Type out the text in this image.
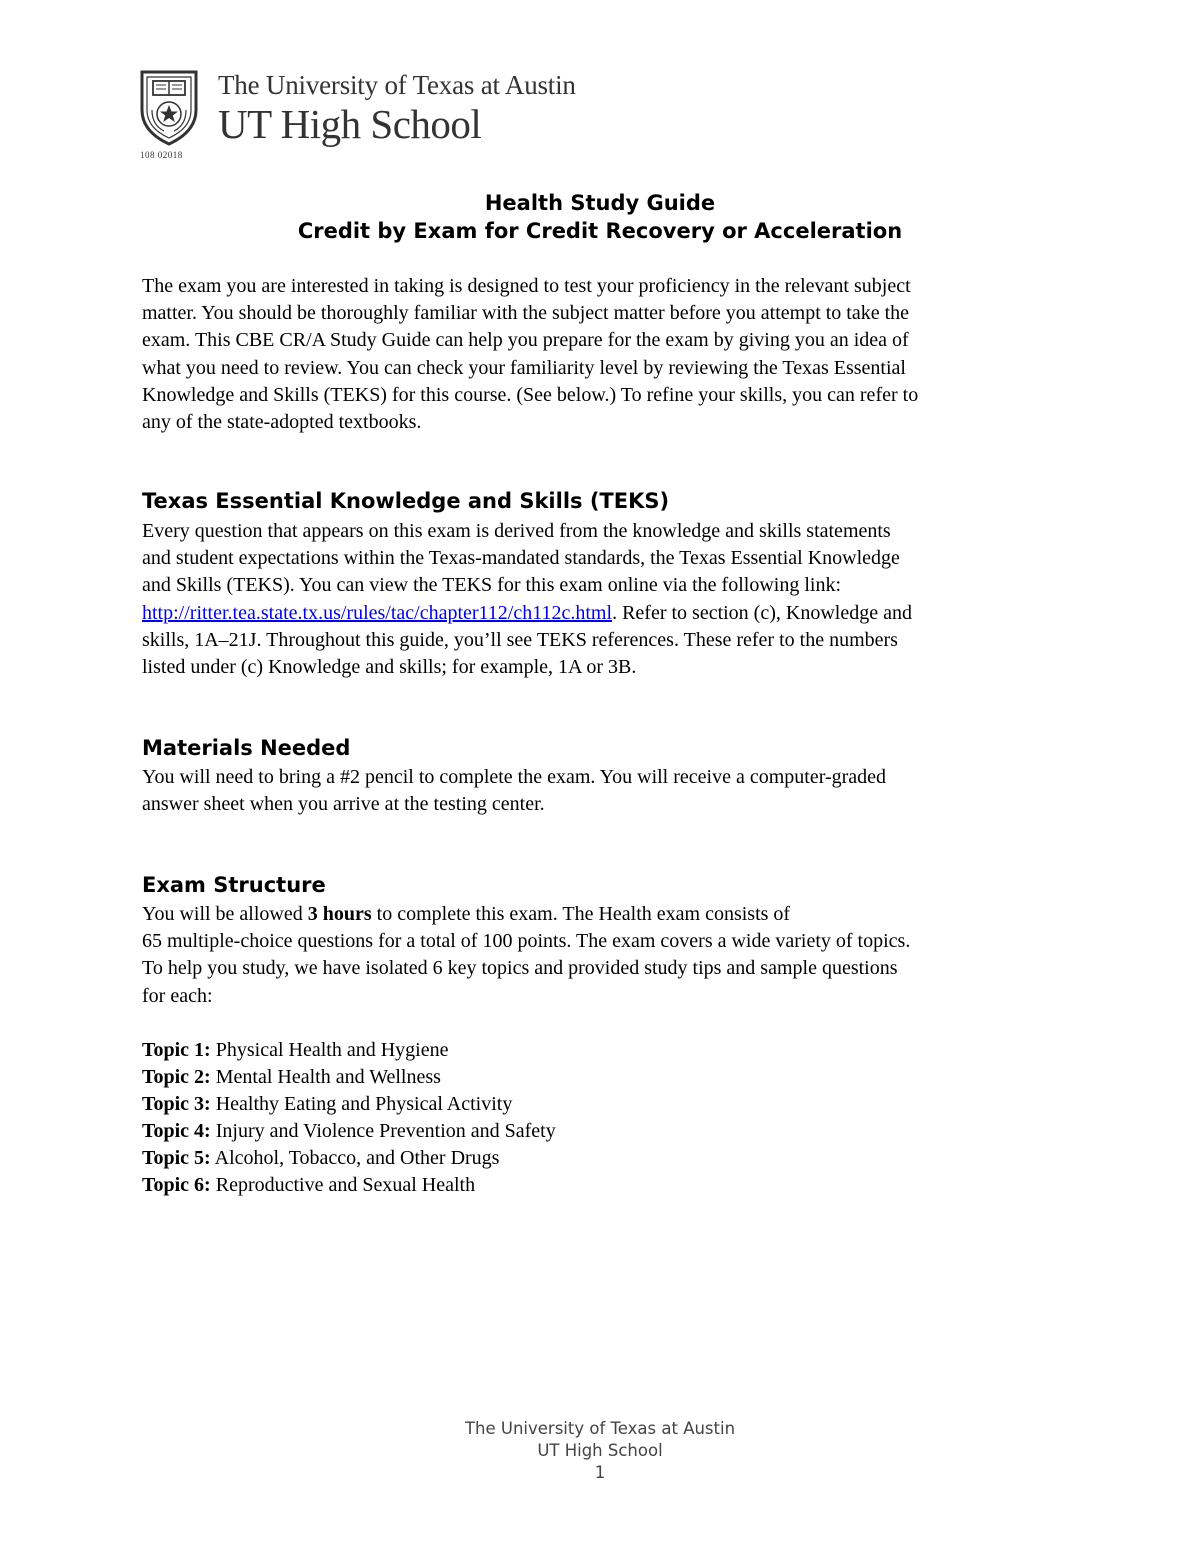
108 02018
The University of Texas at Austin
UT High School
Health Study Guide
Credit by Exam for Credit Recovery or Acceleration
The exam you are interested in taking is designed to test your proficiency in the relevant subject
matter. You should be thoroughly familiar with the subject matter before you attempt to take the
exam. This CBE CR/A Study Guide can help you prepare for the exam by giving you an idea of
what you need to review. You can check your familiarity level by reviewing the Texas Essential
Knowledge and Skills (TEKS) for this course. (See below.) To refine your skills, you can refer to
any of the state-adopted textbooks.
Texas Essential Knowledge and Skills (TEKS)
Every question that appears on this exam is derived from the knowledge and skills statements
and student expectations within the Texas-mandated standards, the Texas Essential Knowledge
and Skills (TEKS). You can view the TEKS for this exam online via the following link:
http://ritter.tea.state.tx.us/rules/tac/chapter112/ch112c.html. Refer to section (c), Knowledge and
skills, 1A–21J. Throughout this guide, you’ll see TEKS references. These refer to the numbers
listed under (c) Knowledge and skills; for example, 1A or 3B.
Materials Needed
You will need to bring a #2 pencil to complete the exam. You will receive a computer-graded
answer sheet when you arrive at the testing center.
Exam Structure
You will be allowed 3 hours to complete this exam. The Health exam consists of
65 multiple-choice questions for a total of 100 points. The exam covers a wide variety of topics.
To help you study, we have isolated 6 key topics and provided study tips and sample questions
for each:
Topic 1: Physical Health and Hygiene
Topic 2: Mental Health and Wellness
Topic 3: Healthy Eating and Physical Activity
Topic 4: Injury and Violence Prevention and Safety
Topic 5: Alcohol, Tobacco, and Other Drugs
Topic 6: Reproductive and Sexual Health
The University of Texas at Austin
UT High School
1
